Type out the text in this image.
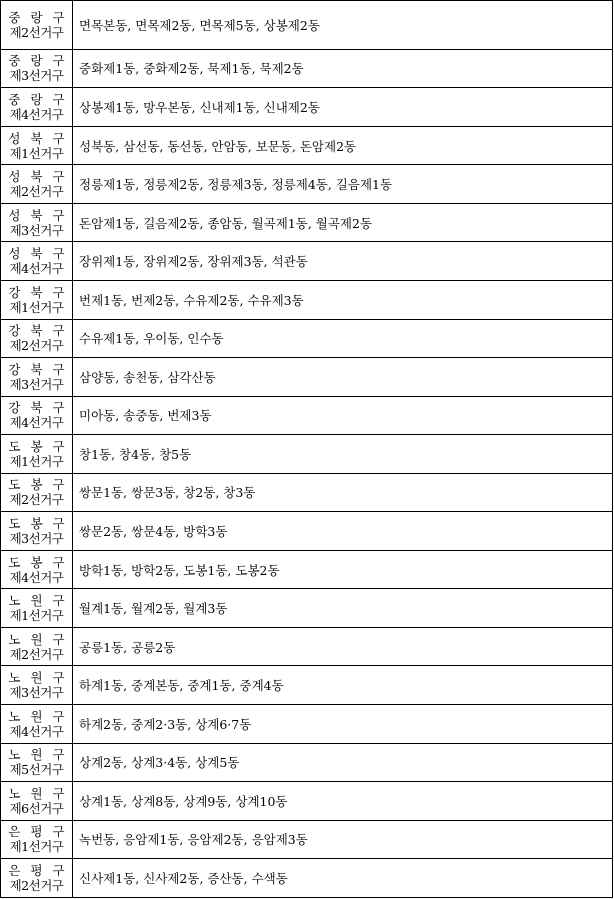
중 랑 구
제2선거구	면목본동, 면목제2동, 면목제5동, 상봉제2동

중 랑 구
제3선거구	중화제1동, 중화제2동, 묵제1동, 묵제2동

중 랑 구
제4선거구	상봉제1동, 망우본동, 신내제1동, 신내제2동

성 북 구
제1선거구	성북동, 삼선동, 동선동, 안암동, 보문동, 돈암제2동

성 북 구
제2선거구	정릉제1동, 정릉제2동, 정릉제3동, 정릉제4동, 길음제1동

성 북 구
제3선거구	돈암제1동, 길음제2동, 종암동, 월곡제1동, 월곡제2동

성 북 구
제4선거구	장위제1동, 장위제2동, 장위제3동, 석관동

강 북 구
제1선거구	번제1동, 번제2동, 수유제2동, 수유제3동

강 북 구
제2선거구	수유제1동, 우이동, 인수동

강 북 구
제3선거구	삼양동, 송천동, 삼각산동

강 북 구
제4선거구	미아동, 송중동, 번제3동

도 봉 구
제1선거구	창1동, 창4동, 창5동

도 봉 구
제2선거구	쌍문1동, 쌍문3동, 창2동, 창3동

도 봉 구
제3선거구	쌍문2동, 쌍문4동, 방학3동

도 봉 구
제4선거구	방학1동, 방학2동, 도봉1동, 도봉2동

노 원 구
제1선거구	월계1동, 월계2동, 월계3동

노 원 구
제2선거구	공릉1동, 공릉2동

노 원 구
제3선거구	하계1동, 중계본동, 중계1동, 중계4동

노 원 구
제4선거구	하계2동, 중계2·3동, 상계6·7동

노 원 구
제5선거구	상계2동, 상계3·4동, 상계5동

노 원 구
제6선거구	상계1동, 상계8동, 상계9동, 상계10동

은 평 구
제1선거구	녹번동, 응암제1동, 응암제2동, 응암제3동

은 평 구
제2선거구	신사제1동, 신사제2동, 증산동, 수색동
